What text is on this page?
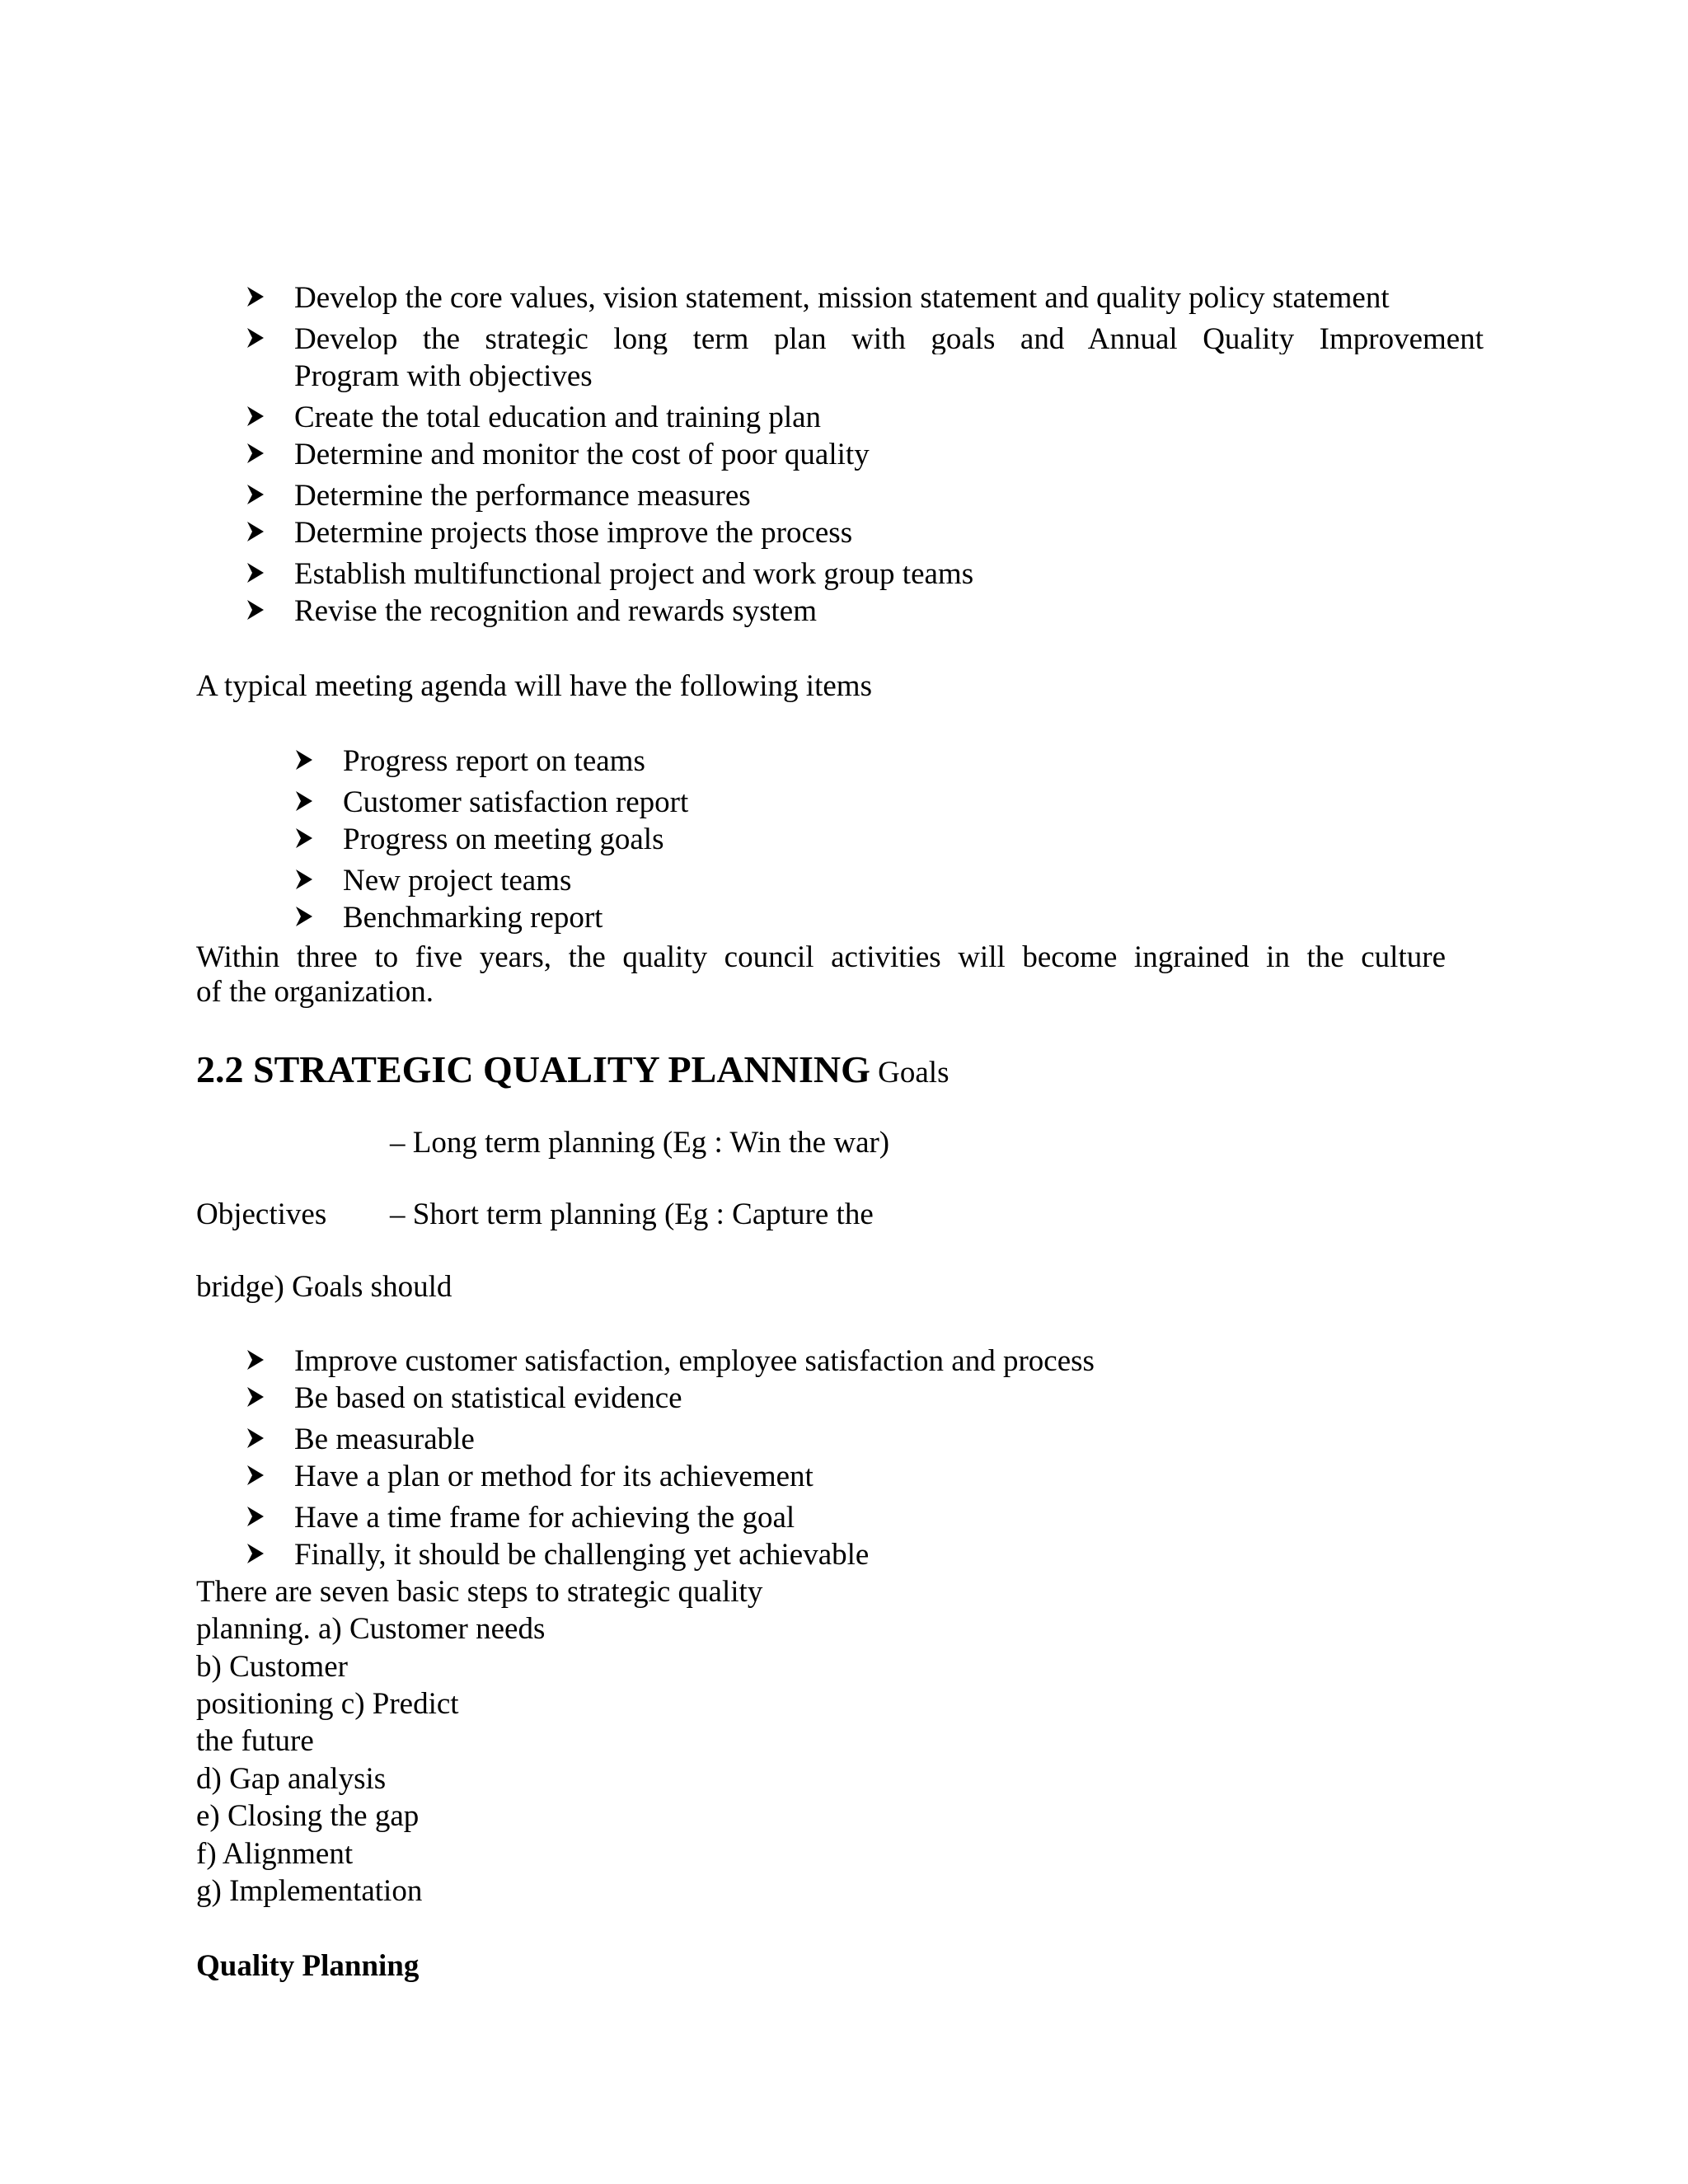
Develop the core values, vision statement, mission statement and quality policy statement
Develop the strategic long term plan with goals and Annual Quality Improvement
Program with objectives
Create the total education and training plan
Determine and monitor the cost of poor quality
Determine the performance measures
Determine projects those improve the process
Establish multifunctional project and work group teams
Revise the recognition and rewards system
A typical meeting agenda will have the following items
Progress report on teams
Customer satisfaction report
Progress on meeting goals
New project teams
Benchmarking report
Within three to five years, the quality council activities will become ingrained in the culture
of the organization.
2.2 STRATEGIC QUALITY PLANNING Goals
– Long term planning (Eg : Win the war)
Objectives – Short term planning (Eg : Capture the
bridge) Goals should
Improve customer satisfaction, employee satisfaction and process
Be based on statistical evidence
Be measurable
Have a plan or method for its achievement
Have a time frame for achieving the goal
Finally, it should be challenging yet achievable
There are seven basic steps to strategic quality
planning. a) Customer needs
b) Customer
positioning c) Predict
the future
d) Gap analysis
e) Closing the gap
f) Alignment
g) Implementation
Quality Planning
